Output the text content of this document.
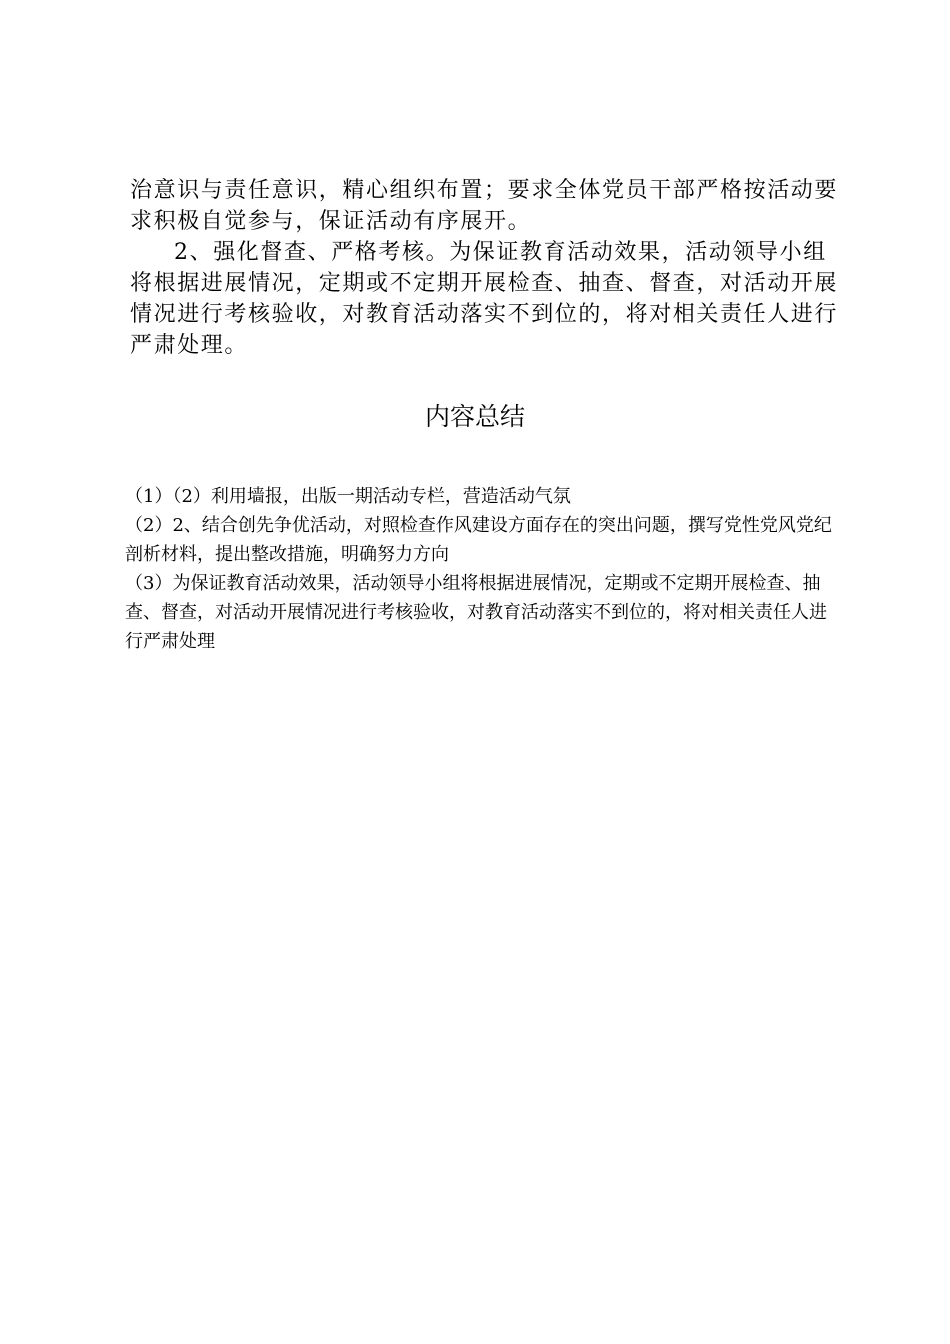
治意识与责任意识，精心组织布置；要求全体党员干部严格按活动要求积极自觉参与，保证活动有序展开。

2、强化督查、严格考核。为保证教育活动效果，活动领导小组将根据进展情况，定期或不定期开展检查、抽查、督查，对活动开展情况进行考核验收，对教育活动落实不到位的，将对相关责任人进行严肃处理。

内容总结

（1）（2）利用墙报，出版一期活动专栏，营造活动气氛

（2）2、结合创先争优活动，对照检查作风建设方面存在的突出问题，撰写党性党风党纪剖析材料，提出整改措施，明确努力方向

（3）为保证教育活动效果，活动领导小组将根据进展情况，定期或不定期开展检查、抽查、督查，对活动开展情况进行考核验收，对教育活动落实不到位的，将对相关责任人进行严肃处理
